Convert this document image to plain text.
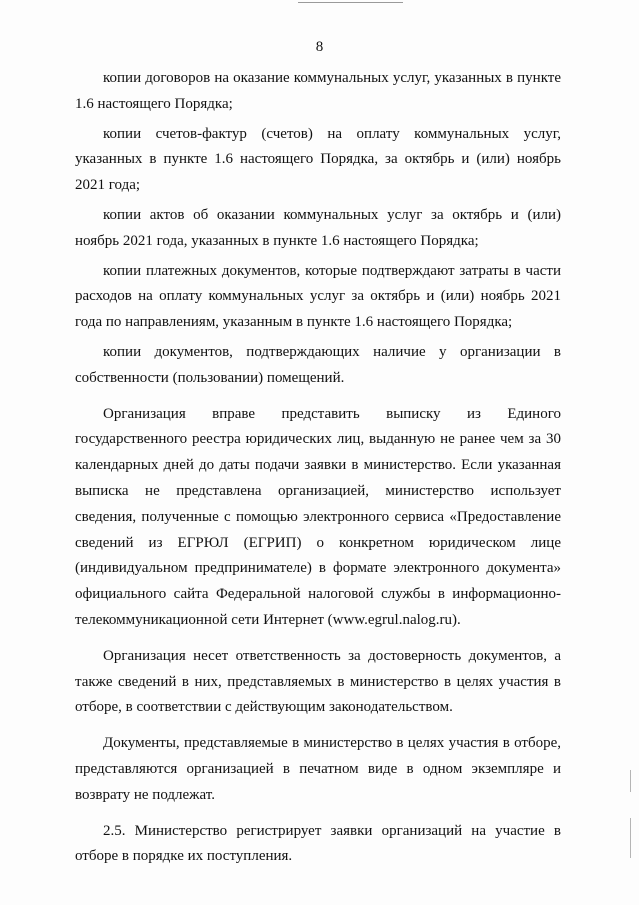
8

копии договоров на оказание коммунальных услуг, указанных в пункте 1.6 настоящего Порядка;

копии счетов-фактур (счетов) на оплату коммунальных услуг, указанных в пункте 1.6 настоящего Порядка, за октябрь и (или) ноябрь 2021 года;

копии актов об оказании коммунальных услуг за октябрь и (или) ноябрь 2021 года, указанных в пункте 1.6 настоящего Порядка;

копии платежных документов, которые подтверждают затраты в части расходов на оплату коммунальных услуг за октябрь и (или) ноябрь 2021 года по направлениям, указанным в пункте 1.6 настоящего Порядка;

копии документов, подтверждающих наличие у организации в собственности (пользовании) помещений.

Организация вправе представить выписку из Единого государственного реестра юридических лиц, выданную не ранее чем за 30 календарных дней до даты подачи заявки в министерство. Если указанная выписка не представлена организацией, министерство использует сведения, полученные с помощью электронного сервиса «Предоставление сведений из ЕГРЮЛ (ЕГРИП) о конкретном юридическом лице (индивидуальном предпринимателе) в формате электронного документа» официального сайта Федеральной налоговой службы в информационно-телекоммуникационной сети Интернет (www.egrul.nalog.ru).

Организация несет ответственность за достоверность документов, а также сведений в них, представляемых в министерство в целях участия в отборе, в соответствии с действующим законодательством.

Документы, представляемые в министерство в целях участия в отборе, представляются организацией в печатном виде в одном экземпляре и возврату не подлежат.

2.5. Министерство регистрирует заявки организаций на участие в отборе в порядке их поступления.
